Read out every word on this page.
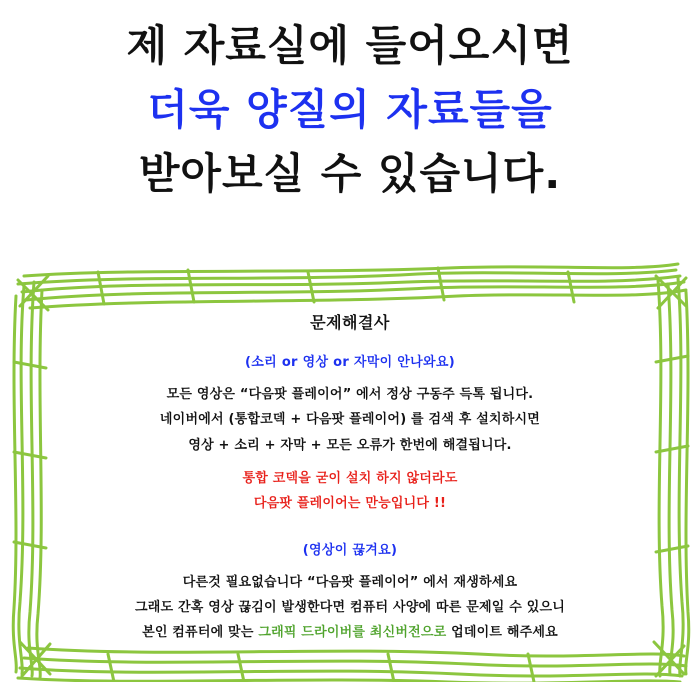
제 자료실에 들어오시면
더욱 양질의 자료들을
받아보실 수 있습니다.
문제해결사
(소리 or 영상 or 자막이 안나와요)
모든 영상은 “다음팟 플레이어” 에서 정상 구동주 득톡 됩니다.
네이버에서 (통합코덱 + 다음팟 플레이어) 를 검색 후 설치하시면
영상 + 소리 + 자막 + 모든 오류가 한번에 해결됩니다.
통합 코덱을 굳이 설치 하지 않더라도
다음팟 플레이어는 만능입니다 !!
(영상이 끊겨요)
다른것 필요없습니다 “다음팟 플레이어” 에서 재생하세요
그래도 간혹 영상 끊김이 발생한다면 컴퓨터 사양에 따른 문제일 수 있으니
본인 컴퓨터에 맞는 그래픽 드라이버를 최신버전으로 업데이트 해주세요
